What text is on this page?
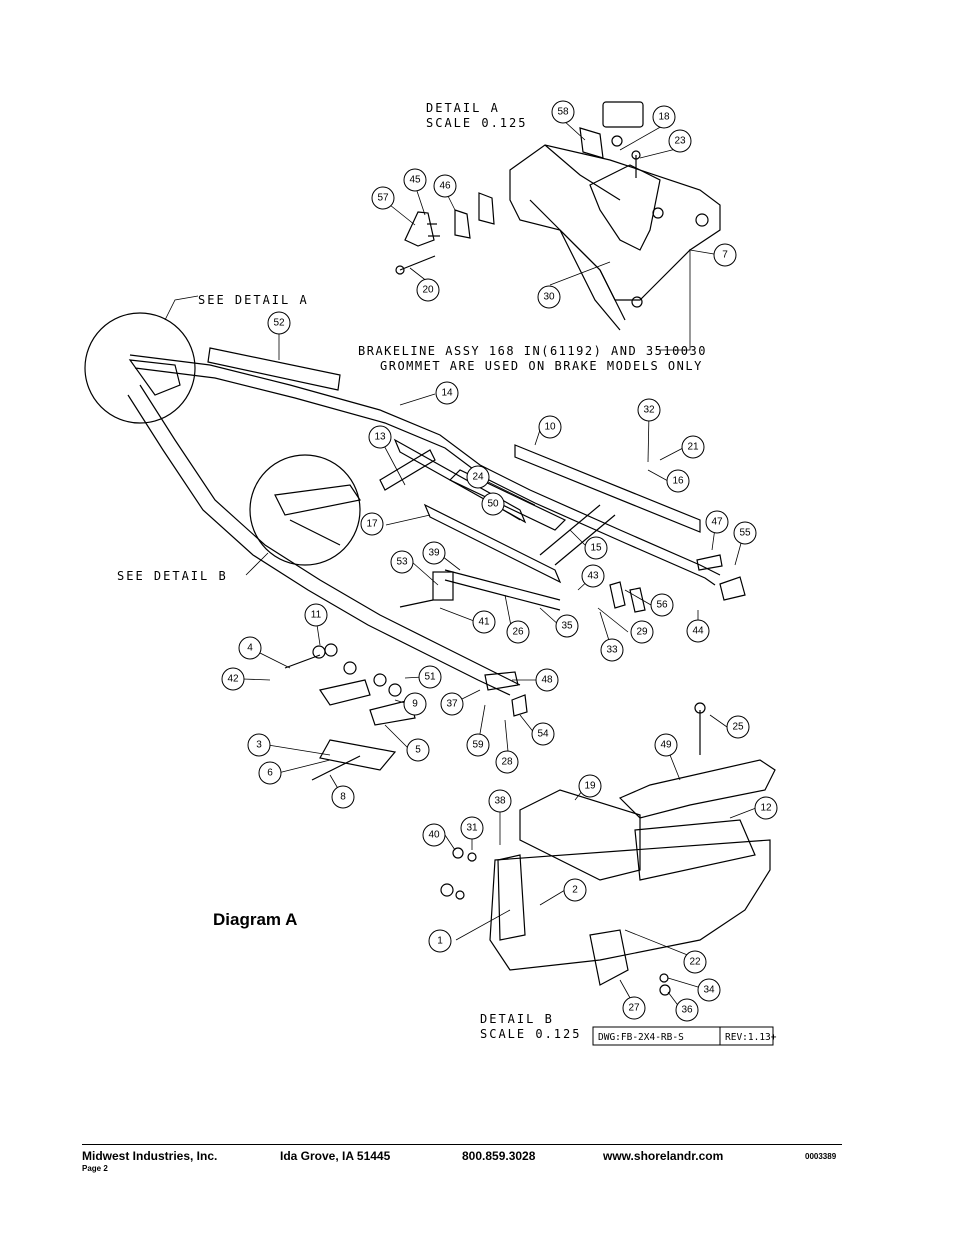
DETAIL A
SCALE 0.125
SEE DETAIL A
BRAKELINE ASSY 168 IN(61192) AND 3510030
GROMMET ARE USED ON BRAKE MODELS ONLY
SEE DETAIL B
DETAIL B
SCALE 0.125 DWG:FB-2X4-RB-S	REV:1.13+
58	18
23
45
46
57
20
30
7
52
14
13
10
32
21
16
24
50
17
15
47
55
53
39
43
56
41
26
35
29
33
44
11
4
42	51	48
37
9
54
59
28
3	5
6
8
25
49
19
12
38
31
40
2
1
22
34
36
27
Diagram A
Midwest Industries, Inc.	Ida Grove, IA 51445	800.859.3028	www.shorelandr.com	0003389
Page 2
